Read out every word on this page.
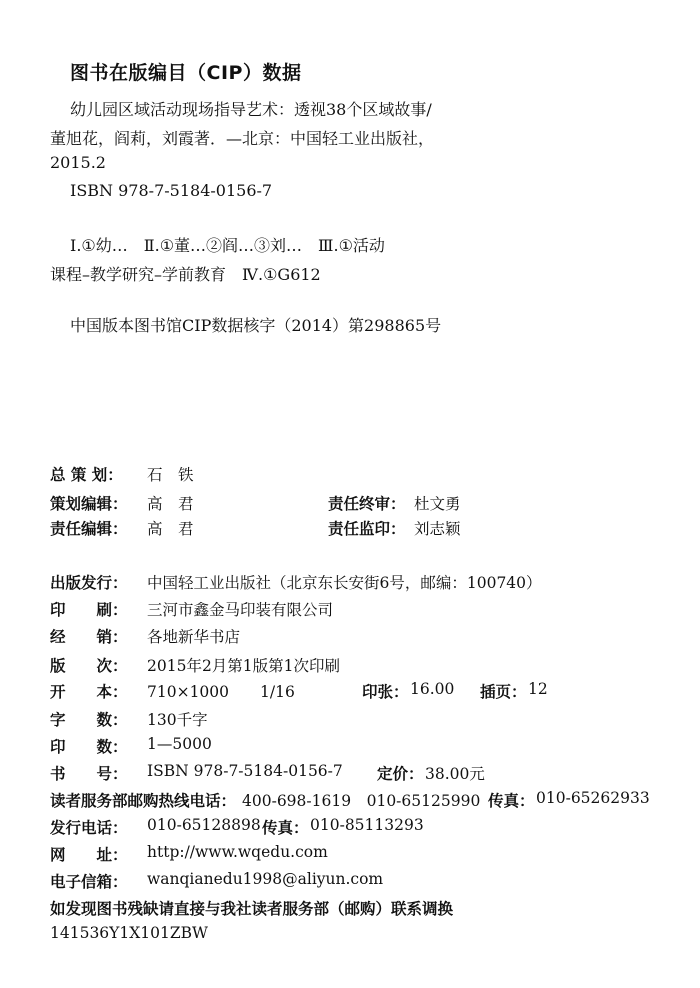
图书在版编目（CIP）数据
幼儿园区域活动现场指导艺术：透视38个区域故事/
董旭花，阎莉，刘霞著．—北京：中国轻工业出版社，
2015.2
ISBN 978-7-5184-0156-7
Ⅰ.①幼…　Ⅱ.①董…②阎…③刘…　Ⅲ.①活动
课程–教学研究–学前教育　Ⅳ.①G612
中国版本图书馆CIP数据核字（2014）第298865号
总 策 划： 石　铁
策划编辑： 高　君	责任终审： 杜文勇
责任编辑： 高　君	责任监印： 刘志颖
出版发行： 中国轻工业出版社（北京东长安街6号，邮编：100740）
印　　刷： 三河市鑫金马印装有限公司
经　　销： 各地新华书店
版　　次： 2015年2月第1版第1次印刷
开　　本： 710×1000　　1/16	印张： 16.00 插页： 12
字　　数： 130千字
印　　数： 1—5000
书　　号： ISBN 978-7-5184-0156-7 定价： 38.00元
读者服务部邮购热线电话： 400-698-1619　010-65125990 传真： 010-65262933
发行电话： 010-65128898 传真： 010-85113293
网　　址： http://www.wqedu.com
电子信箱： wanqianedu1998@aliyun.com
如发现图书残缺请直接与我社读者服务部（邮购）联系调换
141536Y1X101ZBW
